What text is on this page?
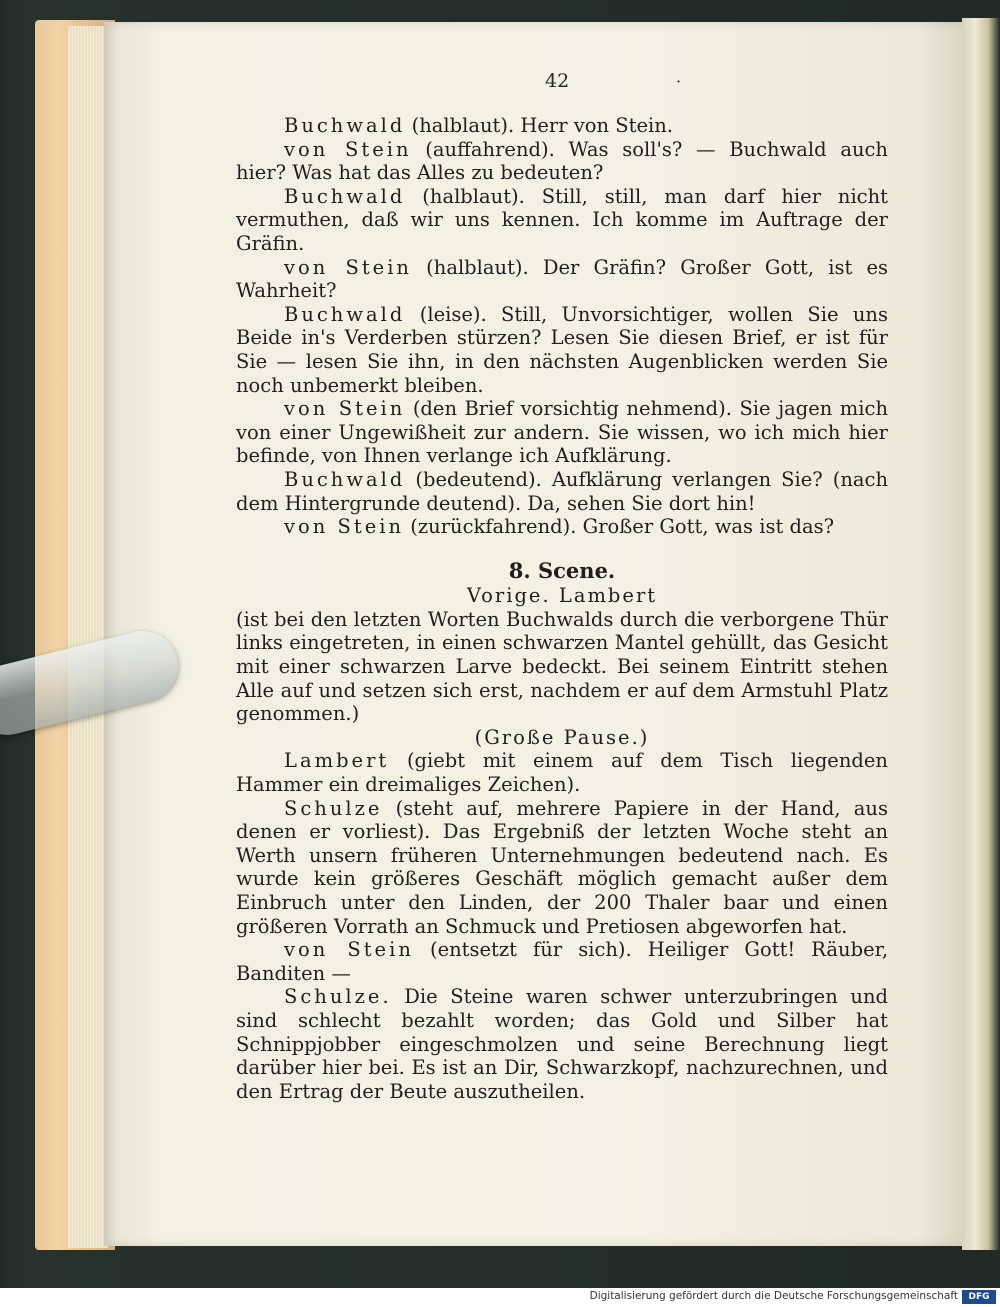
42	·

Buchwald (halblaut). Herr von Stein.

von Stein (auffahrend). Was soll's? — Buchwald auch hier? Was hat das Alles zu bedeuten?

Buchwald (halblaut). Still, still, man darf hier nicht vermuthen, daß wir uns kennen. Ich komme im Auftrage der Gräfin.

von Stein (halblaut). Der Gräfin? Großer Gott, ist es Wahrheit?

Buchwald (leise). Still, Unvorsichtiger, wollen Sie uns Beide in's Verderben stürzen? Lesen Sie diesen Brief, er ist für Sie — lesen Sie ihn, in den nächsten Augenblicken werden Sie noch unbemerkt bleiben.

von Stein (den Brief vorsichtig nehmend). Sie jagen mich von einer Ungewißheit zur andern. Sie wissen, wo ich mich hier befinde, von Ihnen verlange ich Aufklärung.

Buchwald (bedeutend). Aufklärung verlangen Sie? (nach dem Hintergrunde deutend). Da, sehen Sie dort hin!

von Stein (zurückfahrend). Großer Gott, was ist das?

8. Scene.

Vorige. Lambert

(ist bei den letzten Worten Buchwalds durch die verborgene Thür links eingetreten, in einen schwarzen Mantel gehüllt, das Gesicht mit einer schwarzen Larve bedeckt. Bei seinem Eintritt stehen Alle auf und setzen sich erst, nachdem er auf dem Armstuhl Platz genommen.)

(Große Pause.)

Lambert (giebt mit einem auf dem Tisch liegenden Hammer ein dreimaliges Zeichen).

Schulze (steht auf, mehrere Papiere in der Hand, aus denen er vorliest). Das Ergebniß der letzten Woche steht an Werth unsern früheren Unternehmungen bedeutend nach. Es wurde kein größeres Geschäft möglich gemacht außer dem Einbruch unter den Linden, der 200 Thaler baar und einen größeren Vorrath an Schmuck und Pretiosen abgeworfen hat.

von Stein (entsetzt für sich). Heiliger Gott! Räuber, Banditen —

Schulze. Die Steine waren schwer unterzubringen und sind schlecht bezahlt worden; das Gold und Silber hat Schnippjobber eingeschmolzen und seine Berechnung liegt darüber hier bei. Es ist an Dir, Schwarzkopf, nachzurechnen, und den Ertrag der Beute auszutheilen.

Digitalisierung gefördert durch die Deutsche Forschungsgemeinschaft	DFG
